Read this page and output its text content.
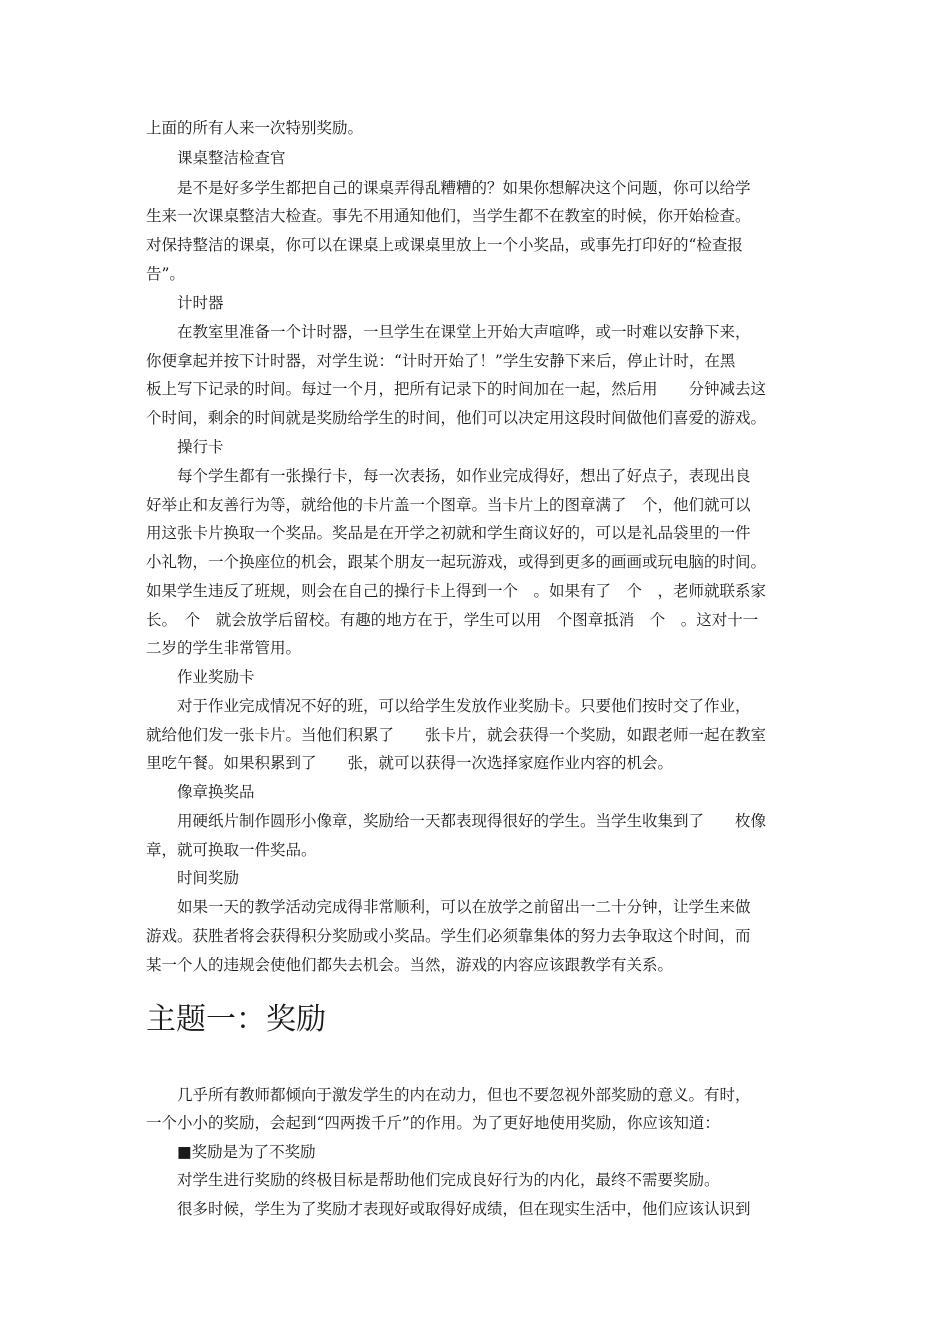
上面的所有人来一次特别奖励。

课桌整洁检查官

是不是好多学生都把自己的课桌弄得乱糟糟的？如果你想解决这个问题，你可以给学

生来一次课桌整洁大检查。事先不用通知他们，当学生都不在教室的时候，你开始检查。

对保持整洁的课桌，你可以在课桌上或课桌里放上一个小奖品，或事先打印好的“检查报

告”。

计时器

在教室里准备一个计时器，一旦学生在课堂上开始大声喧哗，或一时难以安静下来，

你便拿起并按下计时器，对学生说：“计时开始了！”学生安静下来后，停止计时，在黑

板上写下记录的时间。每过一个月，把所有记录下的时间加在一起，然后用　　分钟减去这

个时间，剩余的时间就是奖励给学生的时间，他们可以决定用这段时间做他们喜爱的游戏。

操行卡

每个学生都有一张操行卡，每一次表扬，如作业完成得好，想出了好点子，表现出良

好举止和友善行为等，就给他的卡片盖一个图章。当卡片上的图章满了　个，他们就可以

用这张卡片换取一个奖品。奖品是在开学之初就和学生商议好的，可以是礼品袋里的一件

小礼物，一个换座位的机会，跟某个朋友一起玩游戏，或得到更多的画画或玩电脑的时间。

如果学生违反了班规，则会在自己的操行卡上得到一个　。如果有了　个　，老师就联系家

长。　个　就会放学后留校。有趣的地方在于，学生可以用　个图章抵消　个　。这对十一

二岁的学生非常管用。

作业奖励卡

对于作业完成情况不好的班，可以给学生发放作业奖励卡。只要他们按时交了作业，

就给他们发一张卡片。当他们积累了　　张卡片，就会获得一个奖励，如跟老师一起在教室

里吃午餐。如果积累到了　　张，就可以获得一次选择家庭作业内容的机会。

像章换奖品

用硬纸片制作圆形小像章，奖励给一天都表现得很好的学生。当学生收集到了　　枚像

章，就可换取一件奖品。

时间奖励

如果一天的教学活动完成得非常顺利，可以在放学之前留出一二十分钟，让学生来做

游戏。获胜者将会获得积分奖励或小奖品。学生们必须靠集体的努力去争取这个时间，而

某一个人的违规会使他们都失去机会。当然，游戏的内容应该跟教学有关系。

主题一：奖励

几乎所有教师都倾向于激发学生的内在动力，但也不要忽视外部奖励的意义。有时，

一个小小的奖励，会起到“四两拨千斤”的作用。为了更好地使用奖励，你应该知道：

■奖励是为了不奖励

对学生进行奖励的终极目标是帮助他们完成良好行为的内化，最终不需要奖励。

很多时候，学生为了奖励才表现好或取得好成绩，但在现实生活中，他们应该认识到
